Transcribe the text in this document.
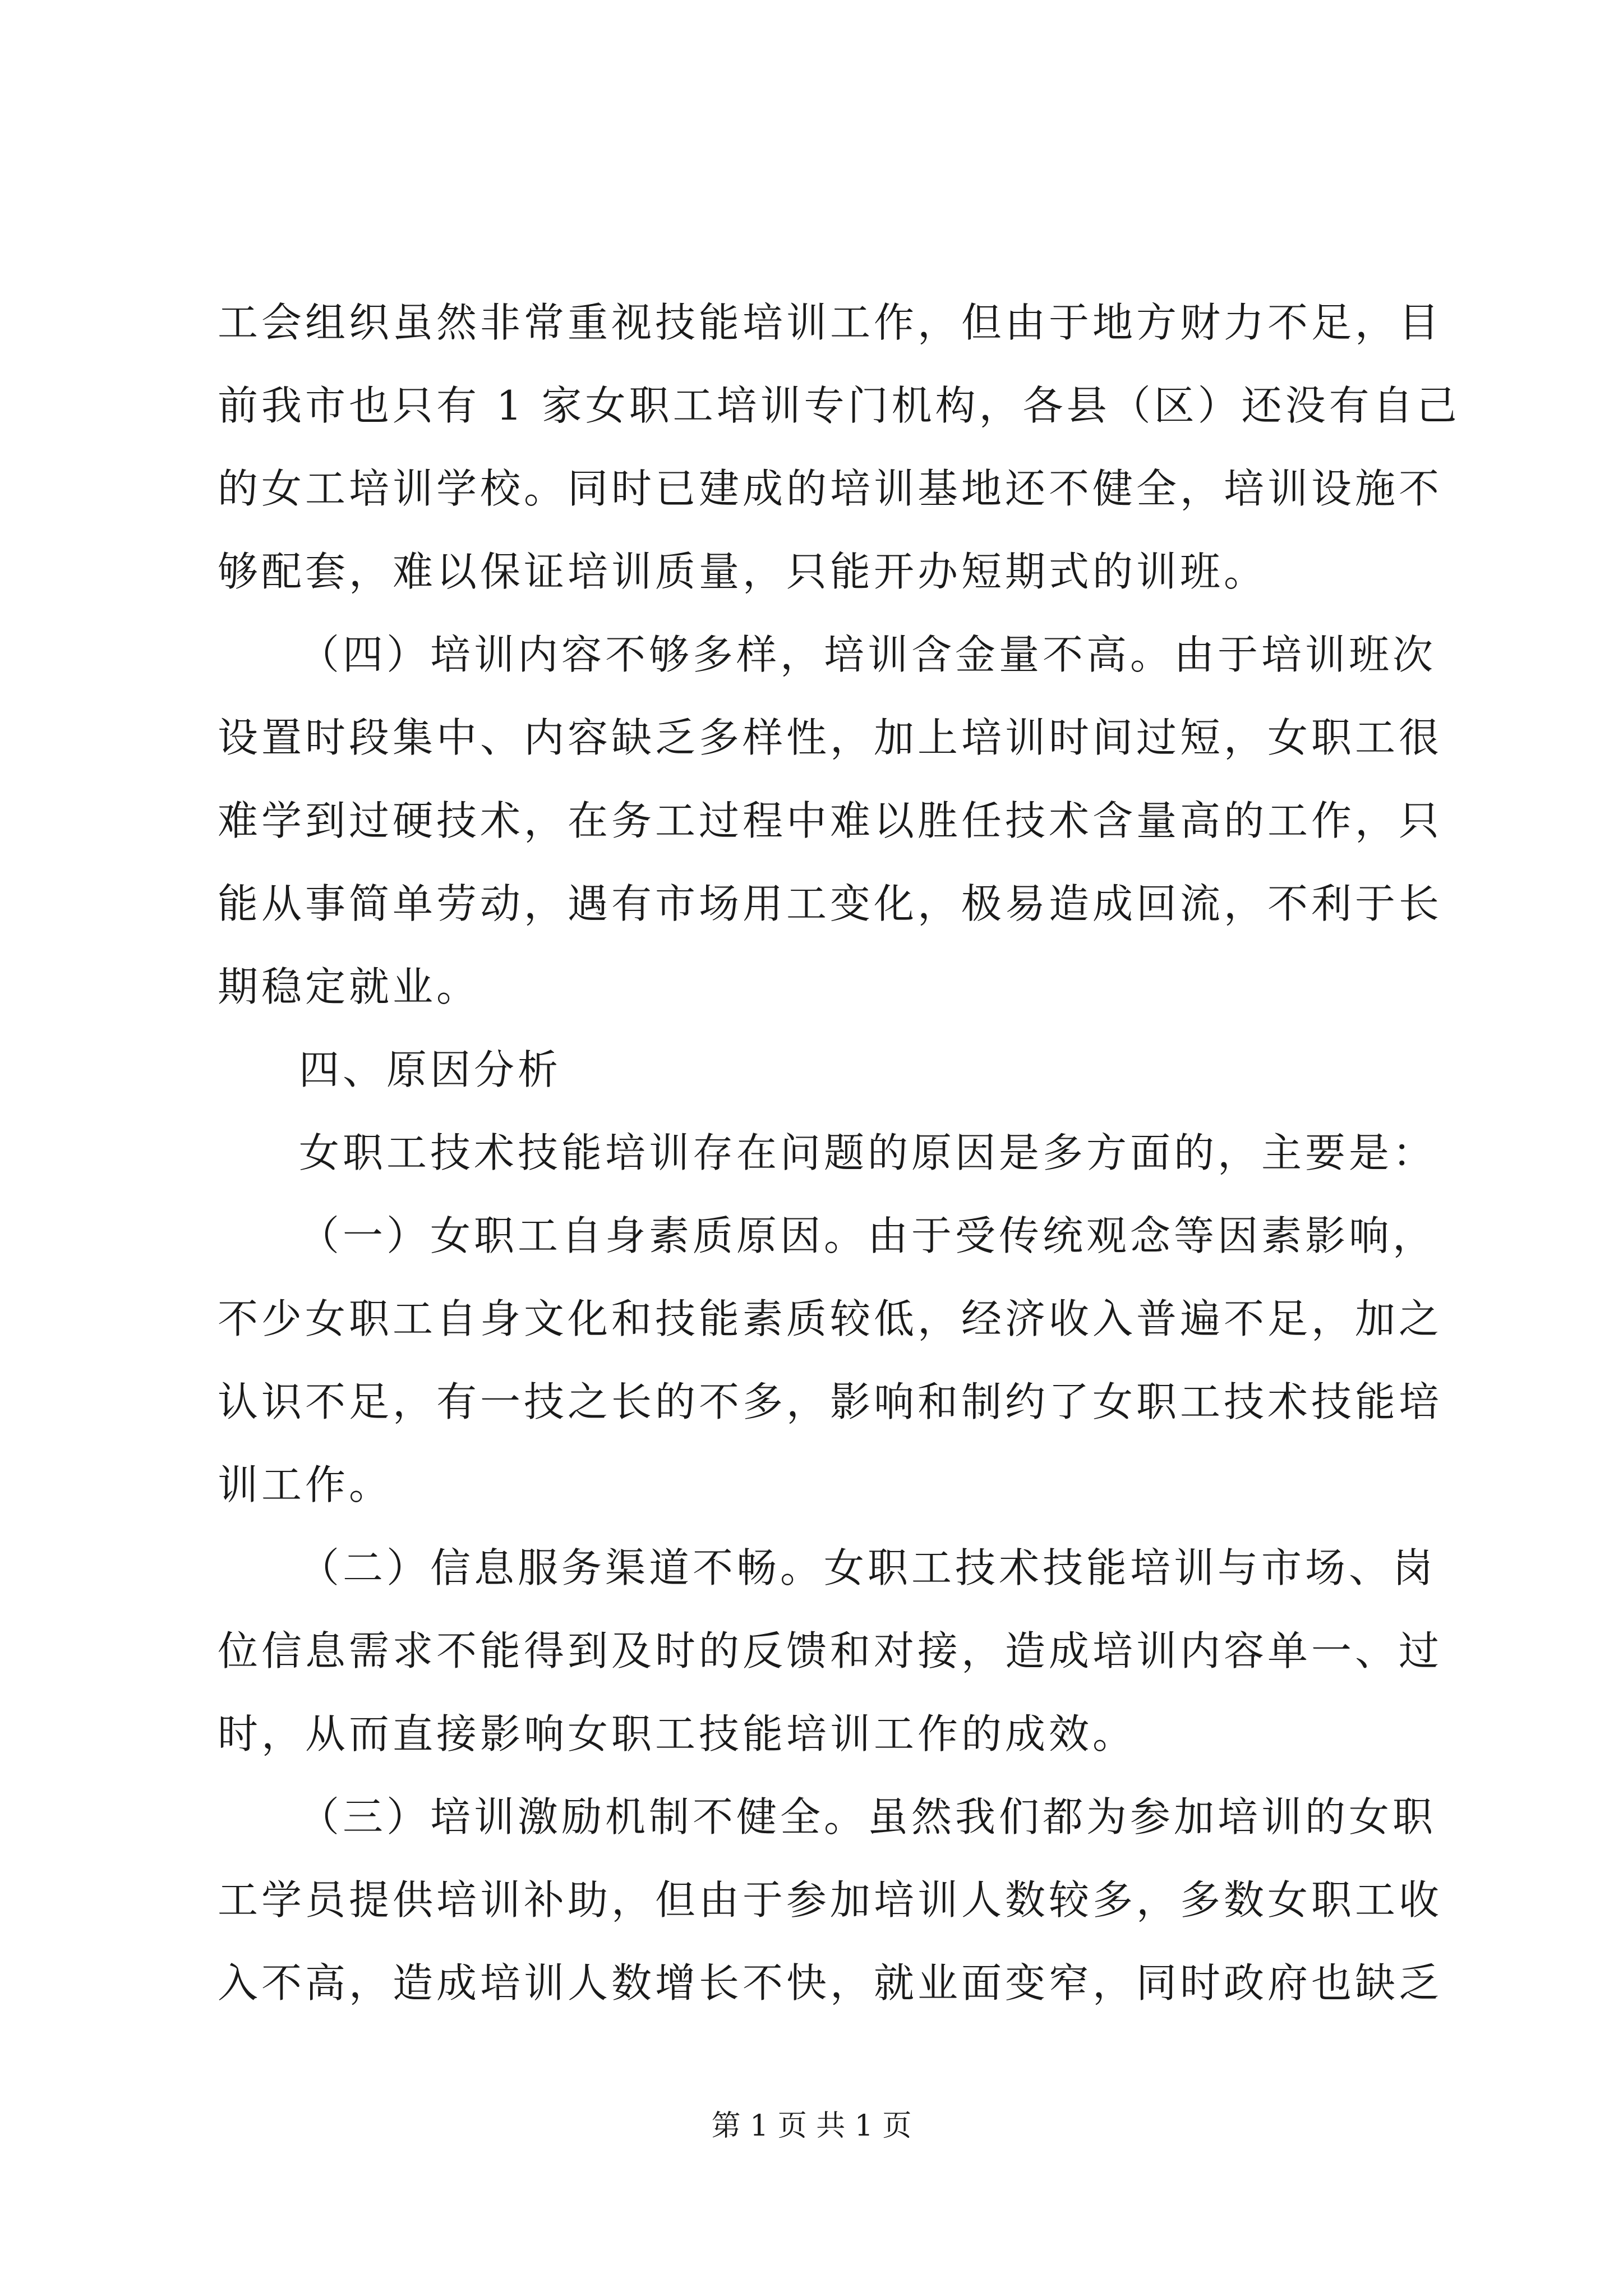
工会组织虽然非常重视技能培训工作，但由于地方财力不足，目
前我市也只有 1 家女职工培训专门机构，各县（区）还没有自己
的女工培训学校。同时已建成的培训基地还不健全，培训设施不
够配套，难以保证培训质量，只能开办短期式的训班。
（四）培训内容不够多样，培训含金量不高。由于培训班次
设置时段集中、内容缺乏多样性，加上培训时间过短，女职工很
难学到过硬技术，在务工过程中难以胜任技术含量高的工作，只
能从事简单劳动，遇有市场用工变化，极易造成回流，不利于长
期稳定就业。
四、原因分析
女职工技术技能培训存在问题的原因是多方面的，主要是：
（一）女职工自身素质原因。由于受传统观念等因素影响，
不少女职工自身文化和技能素质较低，经济收入普遍不足，加之
认识不足，有一技之长的不多，影响和制约了女职工技术技能培
训工作。
（二）信息服务渠道不畅。女职工技术技能培训与市场、岗
位信息需求不能得到及时的反馈和对接，造成培训内容单一、过
时，从而直接影响女职工技能培训工作的成效。
（三）培训激励机制不健全。虽然我们都为参加培训的女职
工学员提供培训补助，但由于参加培训人数较多，多数女职工收
入不高，造成培训人数增长不快，就业面变窄，同时政府也缺乏
第 1 页 共 1 页
